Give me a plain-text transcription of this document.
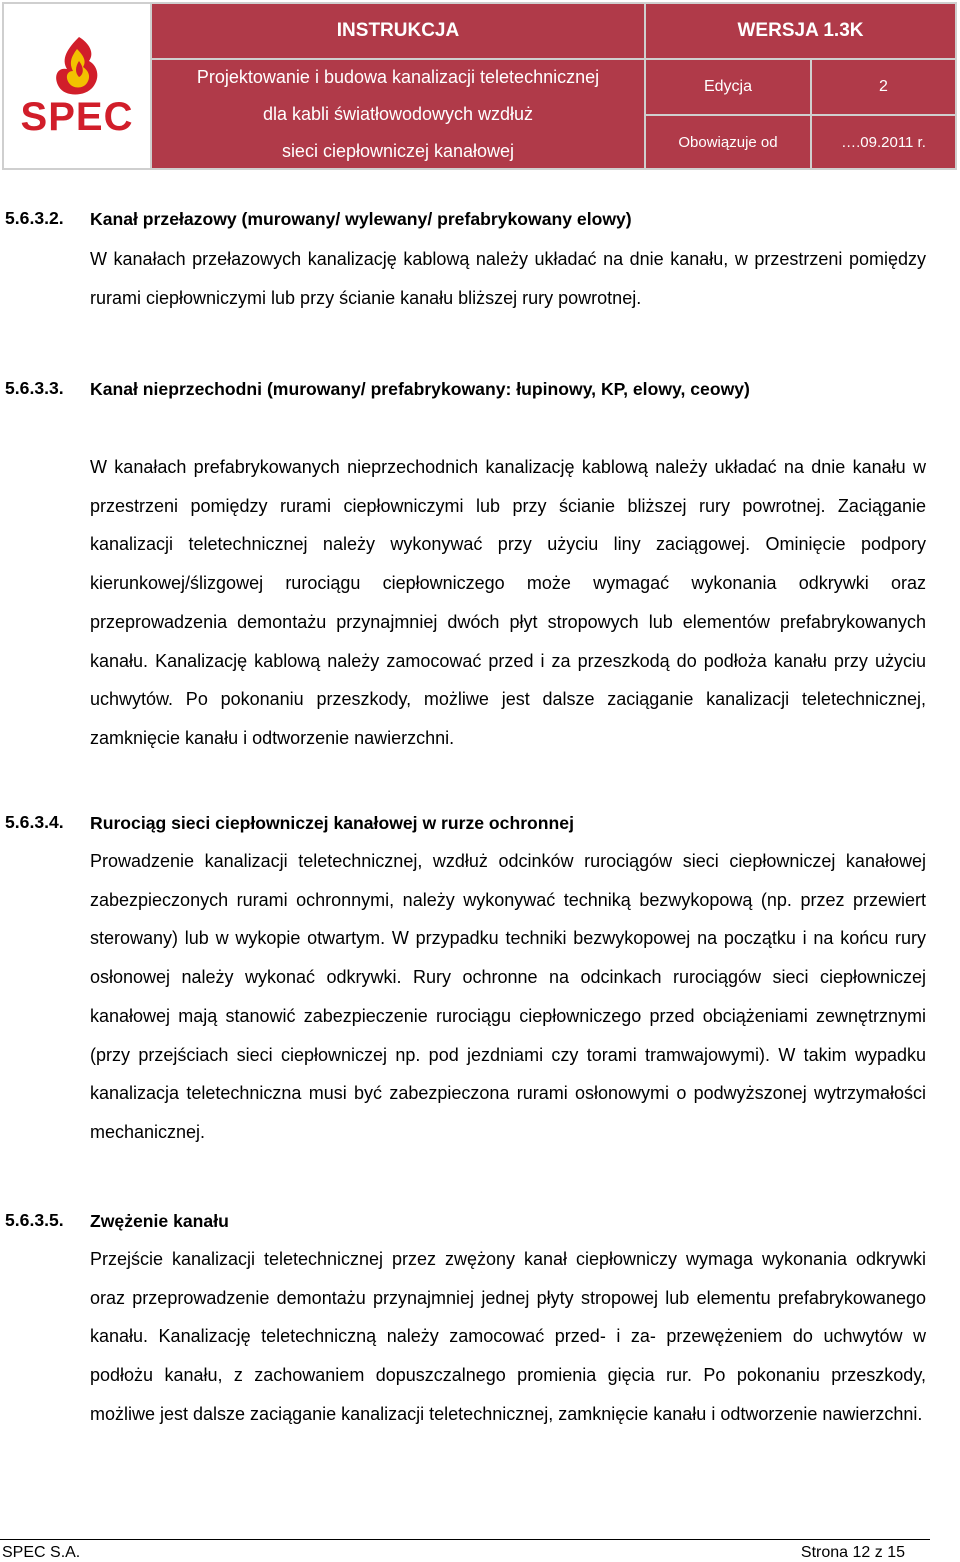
SPEC
INSTRUKCJA	WERSJA 1.3K
Projektowanie i budowa kanalizacji teletechnicznej
dla kabli światłowodowych wzdłuż
sieci ciepłowniczej kanałowej
Edycja	2
Obowiązuje od	….09.2011 r.
5.6.3.2. Kanał przełazowy (murowany/ wylewany/ prefabrykowany elowy)
W kanałach przełazowych kanalizację kablową należy układać na dnie kanału, w przestrzeni pomiędzy rurami ciepłowniczymi lub przy ścianie kanału bliższej rury powrotnej.
5.6.3.3. Kanał nieprzechodni (murowany/ prefabrykowany: łupinowy, KP, elowy, ceowy)
W kanałach prefabrykowanych nieprzechodnich kanalizację kablową należy układać na dnie kanału w przestrzeni pomiędzy rurami ciepłowniczymi lub przy ścianie bliższej rury powrotnej. Zaciąganie kanalizacji teletechnicznej należy wykonywać przy użyciu liny zaciągowej. Ominięcie podpory kierunkowej/ślizgowej rurociągu ciepłowniczego może wymagać wykonania odkrywki oraz przeprowadzenia demontażu przynajmniej dwóch płyt stropowych lub elementów prefabrykowanych kanału. Kanalizację kablową należy zamocować przed i za przeszkodą do podłoża kanału przy użyciu uchwytów. Po pokonaniu przeszkody, możliwe jest dalsze zaciąganie kanalizacji teletechnicznej, zamknięcie kanału i odtworzenie nawierzchni.
5.6.3.4. Rurociąg sieci ciepłowniczej kanałowej w rurze ochronnej
Prowadzenie kanalizacji teletechnicznej, wzdłuż odcinków rurociągów sieci ciepłowniczej kanałowej zabezpieczonych rurami ochronnymi, należy wykonywać techniką bezwykopową (np. przez przewiert sterowany) lub w wykopie otwartym. W przypadku techniki bezwykopowej na początku i na końcu rury osłonowej należy wykonać odkrywki. Rury ochronne na odcinkach rurociągów sieci ciepłowniczej kanałowej mają stanowić zabezpieczenie rurociągu ciepłowniczego przed obciążeniami zewnętrznymi (przy przejściach sieci ciepłowniczej np. pod jezdniami czy torami tramwajowymi). W takim wypadku kanalizacja teletechniczna musi być zabezpieczona rurami osłonowymi o podwyższonej wytrzymałości mechanicznej.
5.6.3.5. Zwężenie kanału
Przejście kanalizacji teletechnicznej przez zwężony kanał ciepłowniczy wymaga wykonania odkrywki oraz przeprowadzenie demontażu przynajmniej jednej płyty stropowej lub elementu prefabrykowanego kanału. Kanalizację teletechniczną należy zamocować przed- i za- przewężeniem do uchwytów w podłożu kanału, z zachowaniem dopuszczalnego promienia gięcia rur. Po pokonaniu przeszkody, możliwe jest dalsze zaciąganie kanalizacji teletechnicznej, zamknięcie kanału i odtworzenie nawierzchni.
SPEC S.A.	Strona 12 z 15
